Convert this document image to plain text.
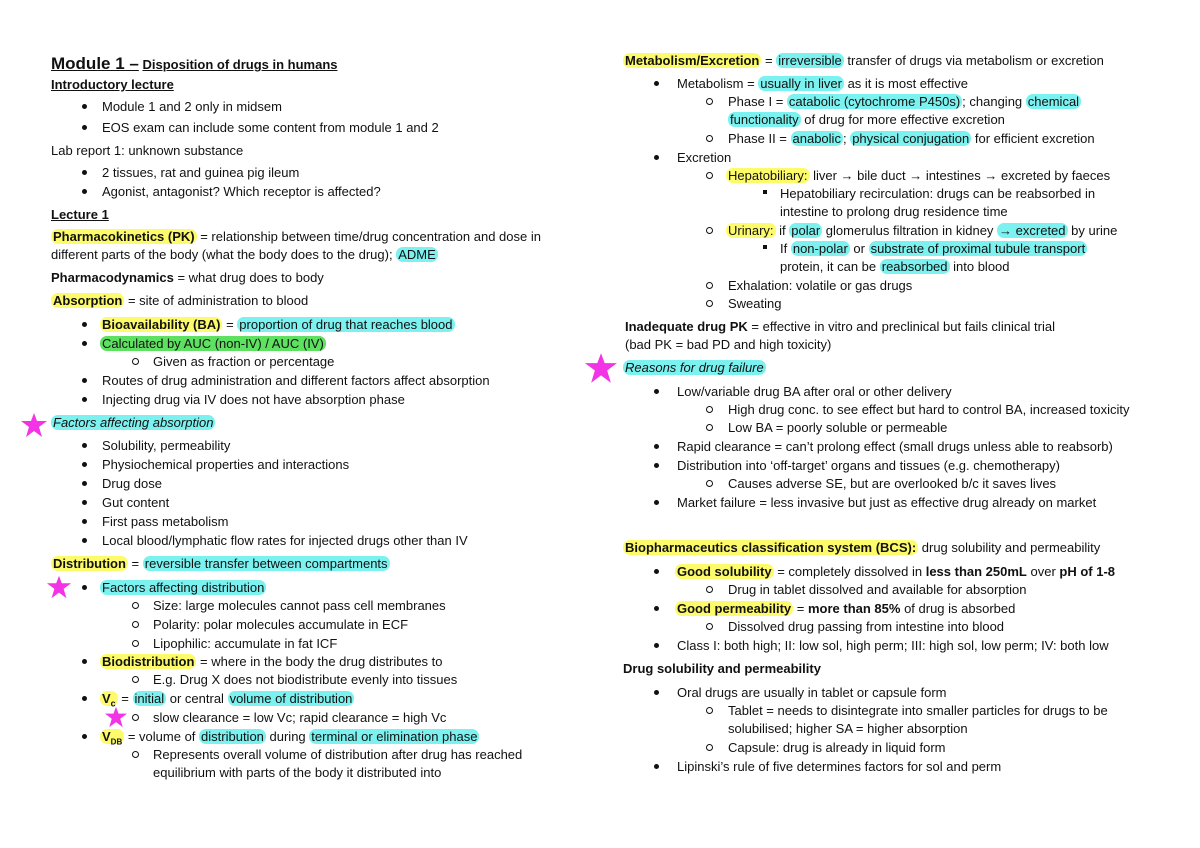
Module 1 – Disposition of drugs in humans
Introductory lecture
Module 1 and 2 only in midsem
EOS exam can include some content from module 1 and 2
Lab report 1: unknown substance
2 tissues, rat and guinea pig ileum
Agonist, antagonist? Which receptor is affected?
Lecture 1
Pharmacokinetics (PK) = relationship between time/drug concentration and dose in
different parts of the body (what the body does to the drug); ADME
Pharmacodynamics = what drug does to body
Absorption = site of administration to blood
Bioavailability (BA) = proportion of drug that reaches blood
Calculated by AUC (non-IV) / AUC (IV)
Given as fraction or percentage
Routes of drug administration and different factors affect absorption
Injecting drug via IV does not have absorption phase
Factors affecting absorption
Solubility, permeability
Physiochemical properties and interactions
Drug dose
Gut content
First pass metabolism
Local blood/lymphatic flow rates for injected drugs other than IV
Distribution = reversible transfer between compartments
Factors affecting distribution
Size: large molecules cannot pass cell membranes
Polarity: polar molecules accumulate in ECF
Lipophilic: accumulate in fat ICF
Biodistribution = where in the body the drug distributes to
E.g. Drug X does not biodistribute evenly into tissues
$V_c$ = initial or central volume of distribution
slow clearance = low Vc; rapid clearance = high Vc
$V_{DB}$ = volume of distribution during terminal or elimination phase
Represents overall volume of distribution after drug has reached
equilibrium with parts of the body it distributed into
Metabolism/Excretion = irreversible transfer of drugs via metabolism or excretion
Metabolism = usually in liver as it is most effective
Phase I = catabolic (cytochrome P450s) ; changing chemical
functionality of drug for more effective excretion
Phase II = anabolic ; physical conjugation for efficient excretion
Excretion
Hepatobiliary: liver → bile duct → intestines → excreted by faeces
Hepatobiliary recirculation: drugs can be reabsorbed in
intestine to prolong drug residence time
Urinary: if polar glomerulus filtration in kidney → excreted by urine
If non-polar or substrate of proximal tubule transport
protein, it can be reabsorbed into blood
Exhalation: volatile or gas drugs
Sweating
Inadequate drug PK = effective in vitro and preclinical but fails clinical trial
(bad PK = bad PD and high toxicity)
Reasons for drug failure
Low/variable drug BA after oral or other delivery
High drug conc. to see effect but hard to control BA, increased toxicity
Low BA = poorly soluble or permeable
Rapid clearance = can’t prolong effect (small drugs unless able to reabsorb)
Distribution into ‘off-target’ organs and tissues (e.g. chemotherapy)
Causes adverse SE, but are overlooked b/c it saves lives
Market failure = less invasive but just as effective drug already on market
Biopharmaceutics classification system (BCS): drug solubility and permeability
Good solubility = completely dissolved in less than 250mL over pH of 1-8
Drug in tablet dissolved and available for absorption
Good permeability = more than 85% of drug is absorbed
Dissolved drug passing from intestine into blood
Class I: both high; II: low sol, high perm; III: high sol, low perm; IV: both low
Drug solubility and permeability
Oral drugs are usually in tablet or capsule form
Tablet = needs to disintegrate into smaller particles for drugs to be
solubilised; higher SA = higher absorption
Capsule: drug is already in liquid form
Lipinski’s rule of five determines factors for sol and perm
